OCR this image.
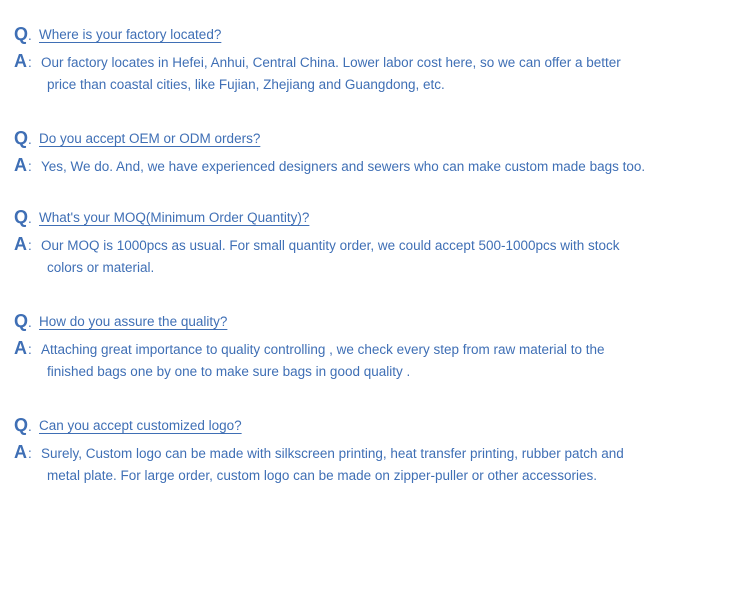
Q . Where is your factory located?
A : Our factory locates in Hefei, Anhui, Central China. Lower labor cost here, so we can offer a better
price than coastal cities, like Fujian, Zhejiang and Guangdong, etc.
Q . Do you accept OEM or ODM orders?
A : Yes, We do. And, we have experienced designers and sewers who can make custom made bags too.
Q . What's your MOQ(Minimum Order Quantity)?
A : Our MOQ is 1000pcs as usual. For small quantity order, we could accept 500-1000pcs with stock
colors or material.
Q . How do you assure the quality?
A : Attaching great importance to quality controlling , we check every step from raw material to the
finished bags one by one to make sure bags in good quality .
Q . Can you accept customized logo?
A : Surely, Custom logo can be made with silkscreen printing, heat transfer printing, rubber patch and
metal plate. For large order, custom logo can be made on zipper-puller or other accessories.
